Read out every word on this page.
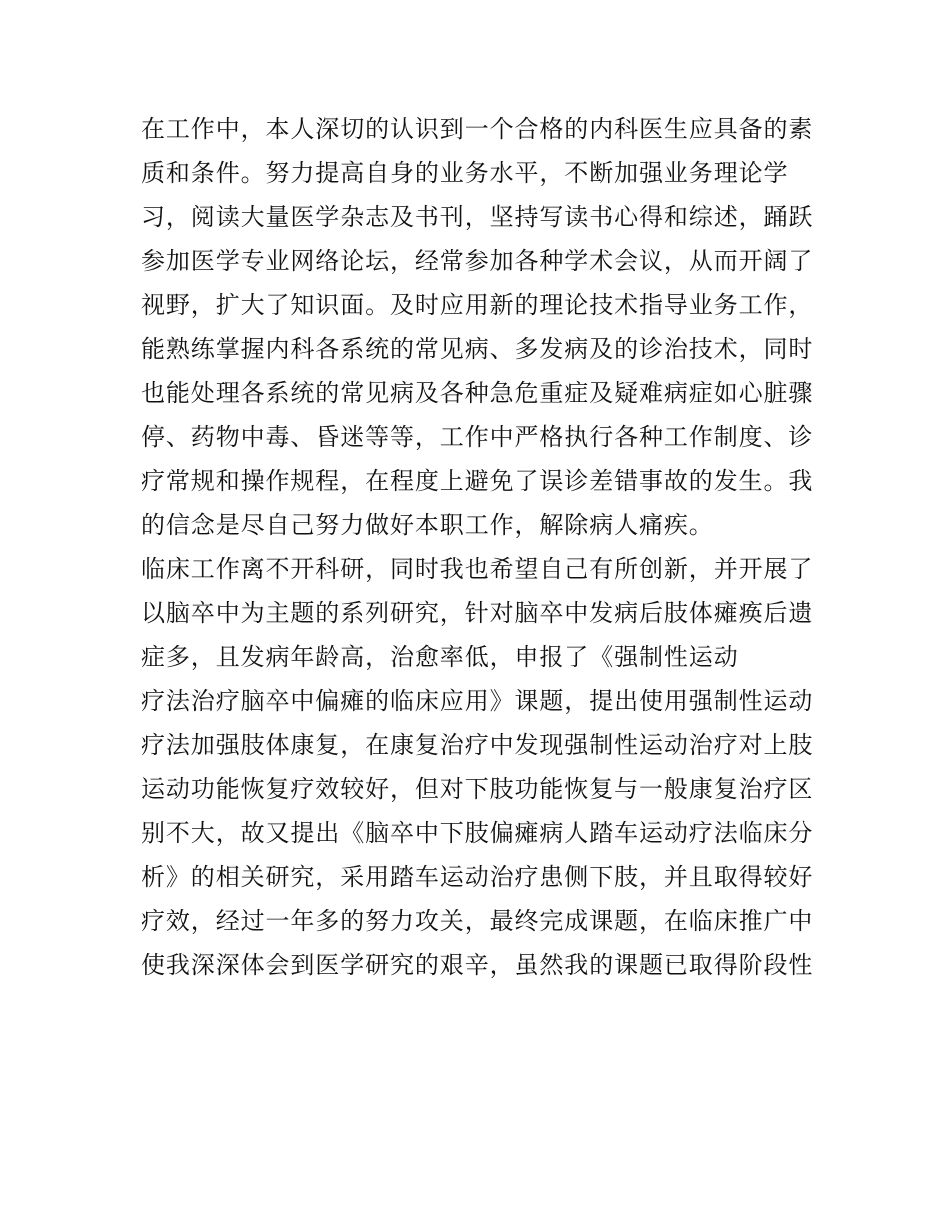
在工作中，本人深切的认识到一个合格的内科医生应具备的素

质和条件。努力提高自身的业务水平，不断加强业务理论学

习，阅读大量医学杂志及书刊，坚持写读书心得和综述，踊跃

参加医学专业网络论坛，经常参加各种学术会议，从而开阔了

视野，扩大了知识面。及时应用新的理论技术指导业务工作，

能熟练掌握内科各系统的常见病、多发病及的诊治技术，同时

也能处理各系统的常见病及各种急危重症及疑难病症如心脏骤

停、药物中毒、昏迷等等，工作中严格执行各种工作制度、诊

疗常规和操作规程，在程度上避免了误诊差错事故的发生。我

的信念是尽自己努力做好本职工作，解除病人痛疾。

临床工作离不开科研，同时我也希望自己有所创新，并开展了

以脑卒中为主题的系列研究，针对脑卒中发病后肢体瘫痪后遗

症多，且发病年龄高，治愈率低，申报了《强制性运动

疗法治疗脑卒中偏瘫的临床应用》课题，提出使用强制性运动

疗法加强肢体康复，在康复治疗中发现强制性运动治疗对上肢

运动功能恢复疗效较好，但对下肢功能恢复与一般康复治疗区

别不大，故又提出《脑卒中下肢偏瘫病人踏车运动疗法临床分

析》的相关研究，采用踏车运动治疗患侧下肢，并且取得较好

疗效，经过一年多的努力攻关，最终完成课题，在临床推广中

使我深深体会到医学研究的艰辛，虽然我的课题已取得阶段性
